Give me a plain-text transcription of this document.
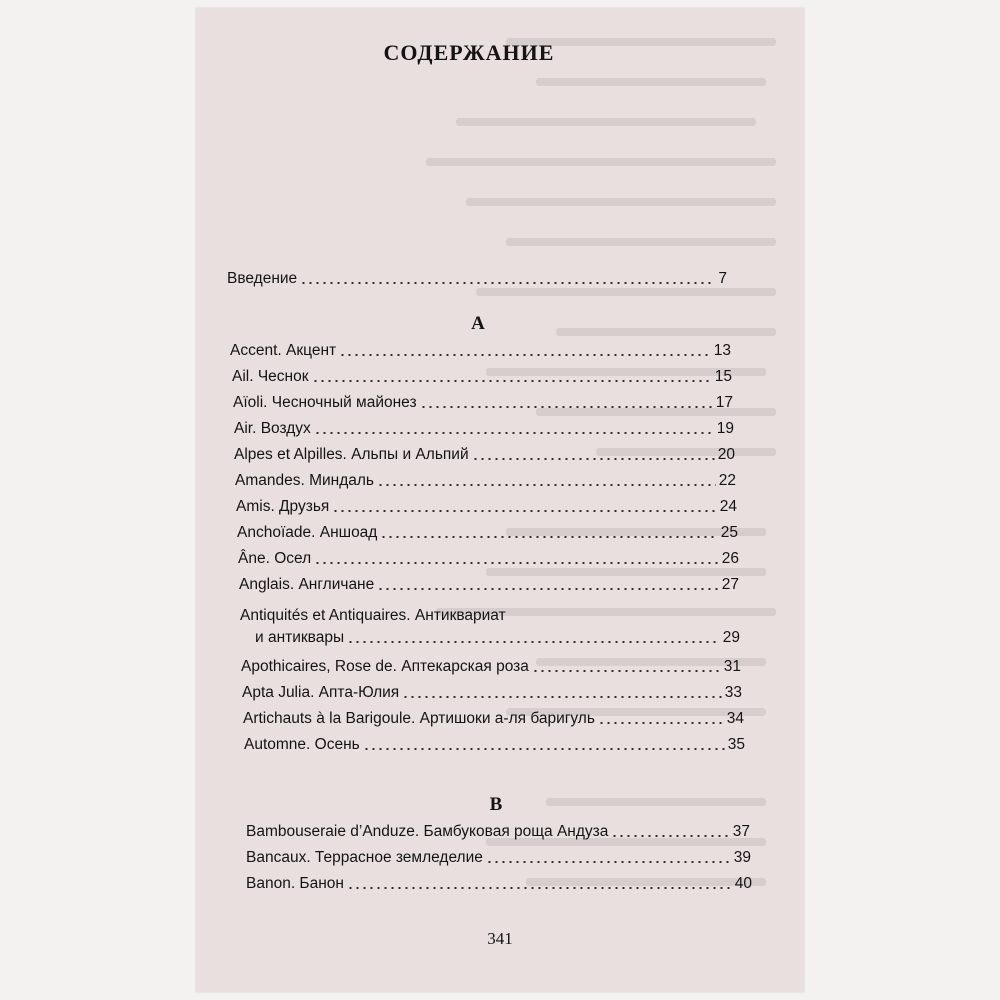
СОДЕРЖАНИЕ
Введение	7
A
Accent. Акцент	13
Ail. Чеснок	15
Aïoli. Чесночный майонез	17
Air. Воздух	19
Alpes et Alpilles. Альпы и Альпий	20
Amandes. Миндаль	22
Amis. Друзья	24
Anchoïade. Аншоад	25
Âne. Осел	26
Anglais. Англичане	27
Antiquités et Antiquaires. Антиквариат
и антиквары	29
Apothicaires, Rose de. Аптекарская роза	31
Apta Julia. Апта-Юлия	33
Artichauts à la Barigoule. Артишоки а-ля баригуль	34
Automne. Осень	35
B
Bambouseraie d’Anduze. Бамбуковая роща Андуза	37
Bancaux. Террасное земледелие	39
Banon. Банон	40
341
